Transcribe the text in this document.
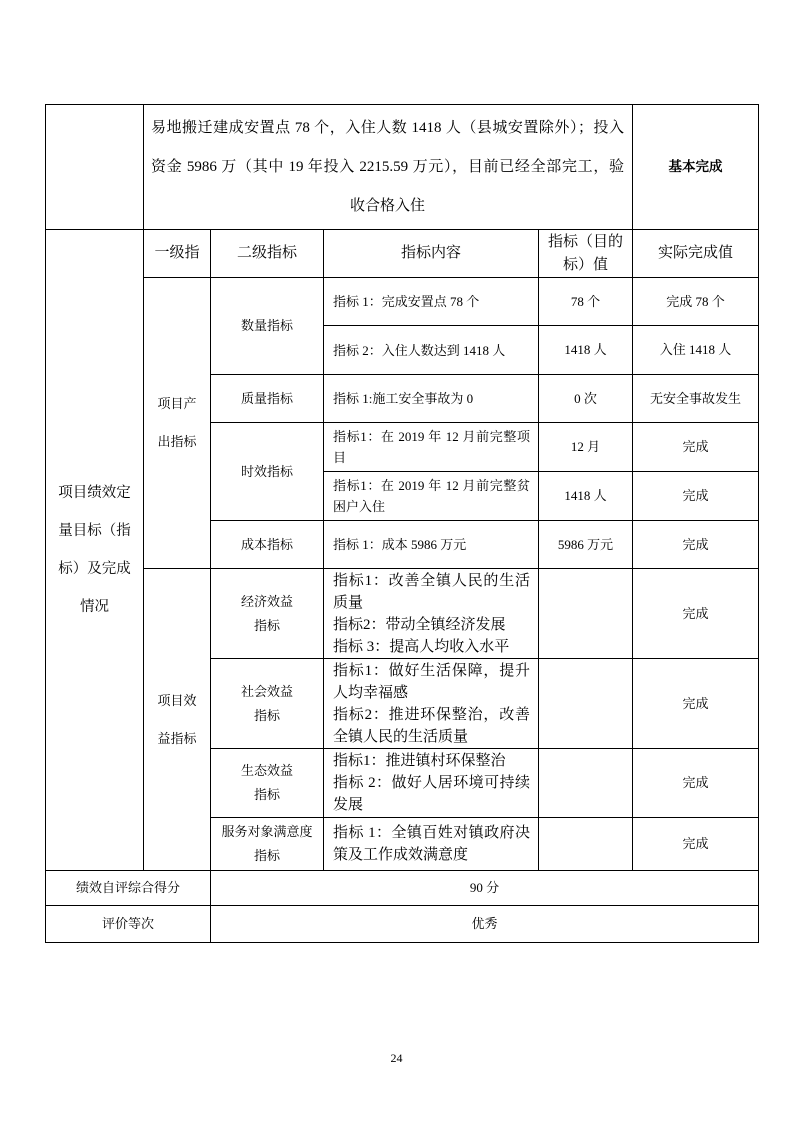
	易地搬迁建成安置点 78 个，入住人数 1418 人（县城安置除外）；投入
资金 5986 万（其中 19 年投入 2215.59 万元），目前已经全部完工，验
收合格入住				基本完成
项目绩效定量目标（指标）及完成情况	一级指	二级指标	指标内容	指标（目的标）值	实际完成值
	项目产出指标	数量指标	指标 1：完成安置点 78 个	78 个	完成 78 个

			指标 2：入住人数达到 1418 人	1418 人	入住 1418 人
		质量指标	指标 1:施工安全事故为 0	0 次	无安全事故发生
		时效指标	指标1：在 2019 年 12 月前完整项目	12 月	完成

			指标1：在 2019 年 12 月前完整贫困户入住	1418 人	完成
		成本指标	指标 1：成本 5986 万元	5986 万元	完成
	项目效益指标	经济效益指标	指标1：改善全镇人民的生活质量
指标2：带动全镇经济发展
指标 3：提高人均收入水平		完成
		社会效益指标	指标1：做好生活保障，提升人均幸福感
指标2：推进环保整治，改善全镇人民的生活质量		完成
		生态效益指标	指标1：推进镇村环保整治
指标 2：做好人居环境可持续发展		完成
		服务对象满意度指标	指标 1：全镇百姓对镇政府决策及工作成效满意度		完成
绩效自评综合得分		90 分			
评价等次		优秀			
24
